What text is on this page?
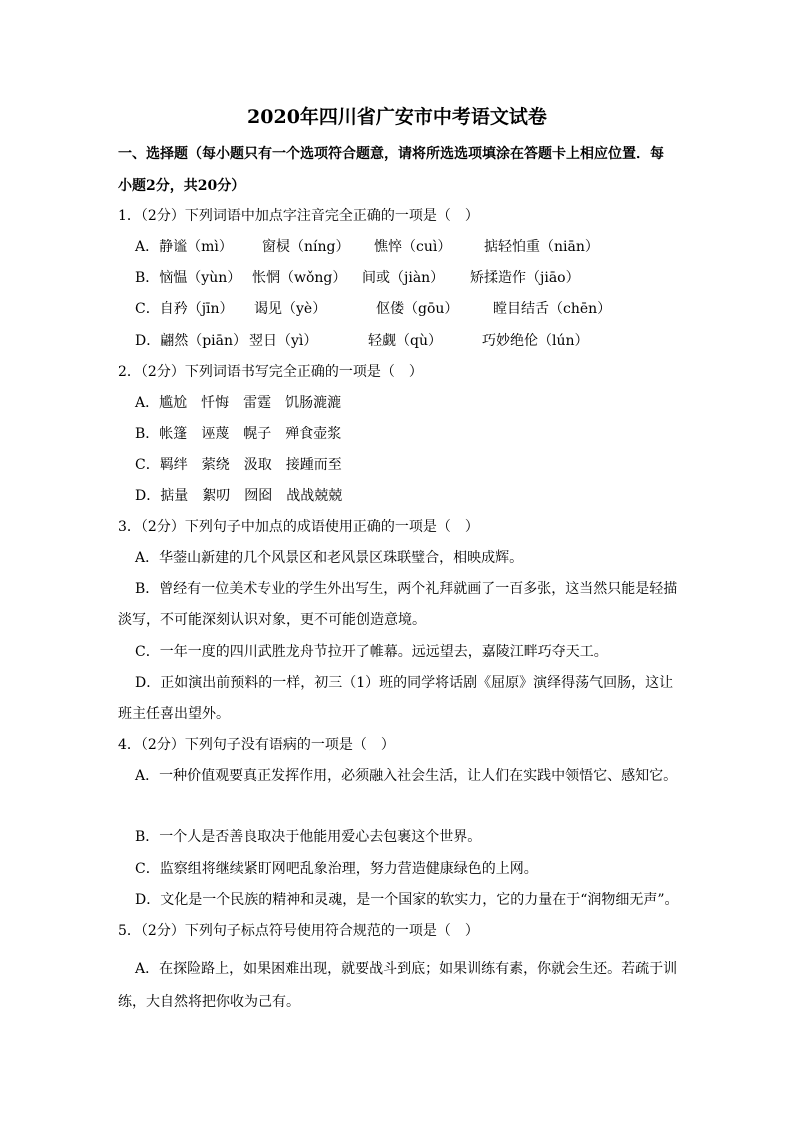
2020年四川省广安市中考语文试卷
一、选择题（每小题只有一个选项符合题意，请将所选选项填涂在答题卡上相应位置．每
小题2分，共20分）
1．（2分）下列词语中加点字注音完全正确的一项是（　）
A．静谧（mì） 窗棂（níng） 憔悴（cuì） 掂轻怕重（niān）
B．恼愠（yùn） 怅惘（wǒng） 间或（jiàn） 矫揉造作（jiāo）
C．自矜（jīn） 谒见（yè）	伛偻（gōu） 瞠目结舌（chēn）
D．翩然（piān） 翌日（yì）	轻觑（qù）	巧妙绝伦（lún）
2．（2分）下列词语书写完全正确的一项是（　）
A．尴尬　忏悔　雷霆　饥肠漉漉
B．帐篷　诬蔑　幌子　殚食壶浆
C．羁绊　萦绕　汲取　接踵而至
D．掂量　絮叨　囫囵　战战兢兢
3．（2分）下列句子中加点的成语使用正确的一项是（　）
A．华蓥山新建的几个风景区和老风景区珠联璧合，相映成辉。
B．曾经有一位美术专业的学生外出写生，两个礼拜就画了一百多张，这当然只能是轻描
淡写，不可能深刻认识对象，更不可能创造意境。
C．一年一度的四川武胜龙舟节拉开了帷幕。远远望去，嘉陵江畔巧夺天工。
D．正如演出前预料的一样，初三（1）班的同学将话剧《屈原》演绎得荡气回肠，这让
班主任喜出望外。
4．（2分）下列句子没有语病的一项是（　）
A．一种价值观要真正发挥作用，必须融入社会生活，让人们在实践中领悟它、感知它。
B．一个人是否善良取决于他能用爱心去包裹这个世界。
C．监察组将继续紧盯网吧乱象治理，努力营造健康绿色的上网。
D．文化是一个民族的精神和灵魂，是一个国家的软实力，它的力量在于“润物细无声”。
5．（2分）下列句子标点符号使用符合规范的一项是（　）
A．在探险路上，如果困难出现，就要战斗到底；如果训练有素，你就会生还。若疏于训
练，大自然将把你收为己有。
